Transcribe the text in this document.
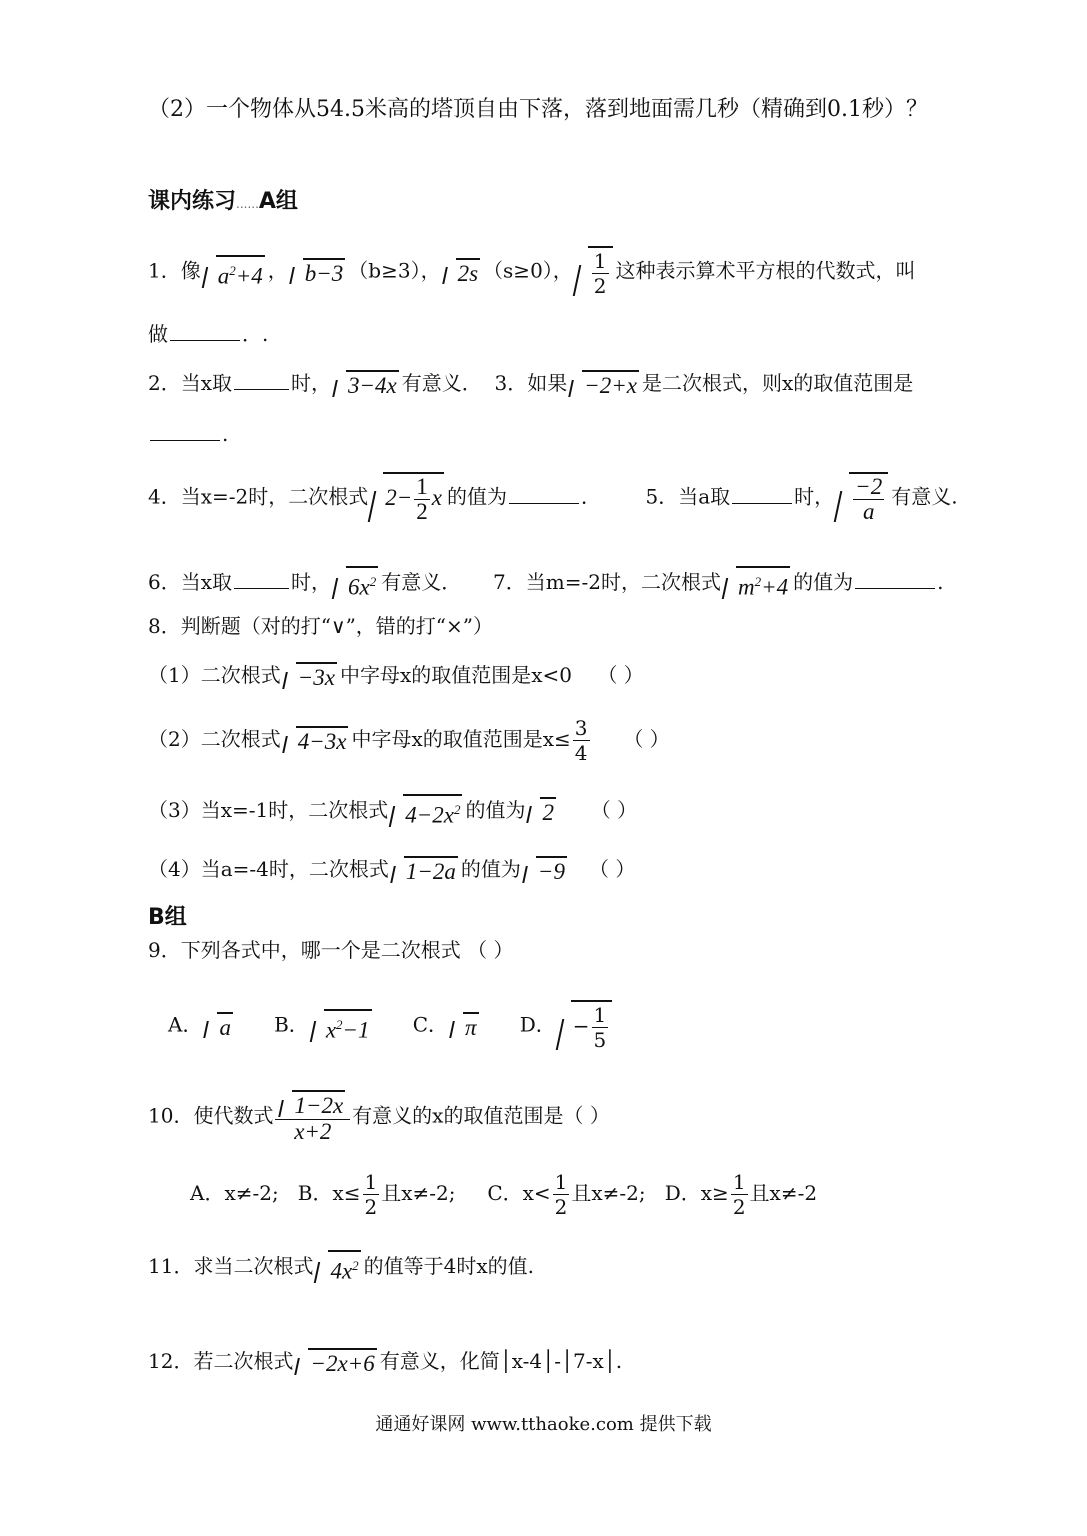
（2）一个物体从54.5米高的塔顶自由下落，落到地面需几秒（精确到0.1秒）？
课内练习......A组
1．像 $a^2+4$ ， b−3 （b≥3）， 2s （s≥0）， $\frac{1}{2}$ 这种表示算术平方根的代数式，叫
做	．.
2．当x取	时， 3−4x 有意义． 3．如果 −2+x 是二次根式，则x的取值范围是
.
4．当x=-2时，二次根式 $2- \frac{1}{2}$ x 的值为	． 5．当a取	时， $\frac{-2}{a}$ 有意义.
6．当x取	时， $6x^2$ 有意义． 7．当m=-2时，二次根式 $m^2+4$ 的值为	.
8．判断题（对的打“∨”，错的打“×”）
（1）二次根式 −3x 中字母x的取值范围是x<0 （ ）
（2）二次根式 4−3x 中字母x的取值范围是$x\le \frac{3}{4}$ （ ）
（3）当x=-1时，二次根式 $4-2x^2$ 的值为 2 （ ）
（4）当a=-4时，二次根式 1−2a 的值为 −9 （ ）
B组
9．下列各式中，哪一个是二次根式 （ ）
A． a B． $x^2-1$ C． π D． − $\frac{1}{5}$
10．使代数式 $\frac{1-2x}{x+2}$ 有意义的x的取值范围是（ ）
A．x≠-2; B．$x\le \frac{1}{2}$ 且x≠-2; C．$x< \frac{1}{2}$ 且x≠-2; D．$x\ge \frac{1}{2}$ 且x≠-2
11．求当二次根式 $4x^2$ 的值等于4时x的值.
12．若二次根式 −2x+6 有意义，化简│x-4│-│7-x│.
通通好课网 www.tthaoke.com 提供下载
